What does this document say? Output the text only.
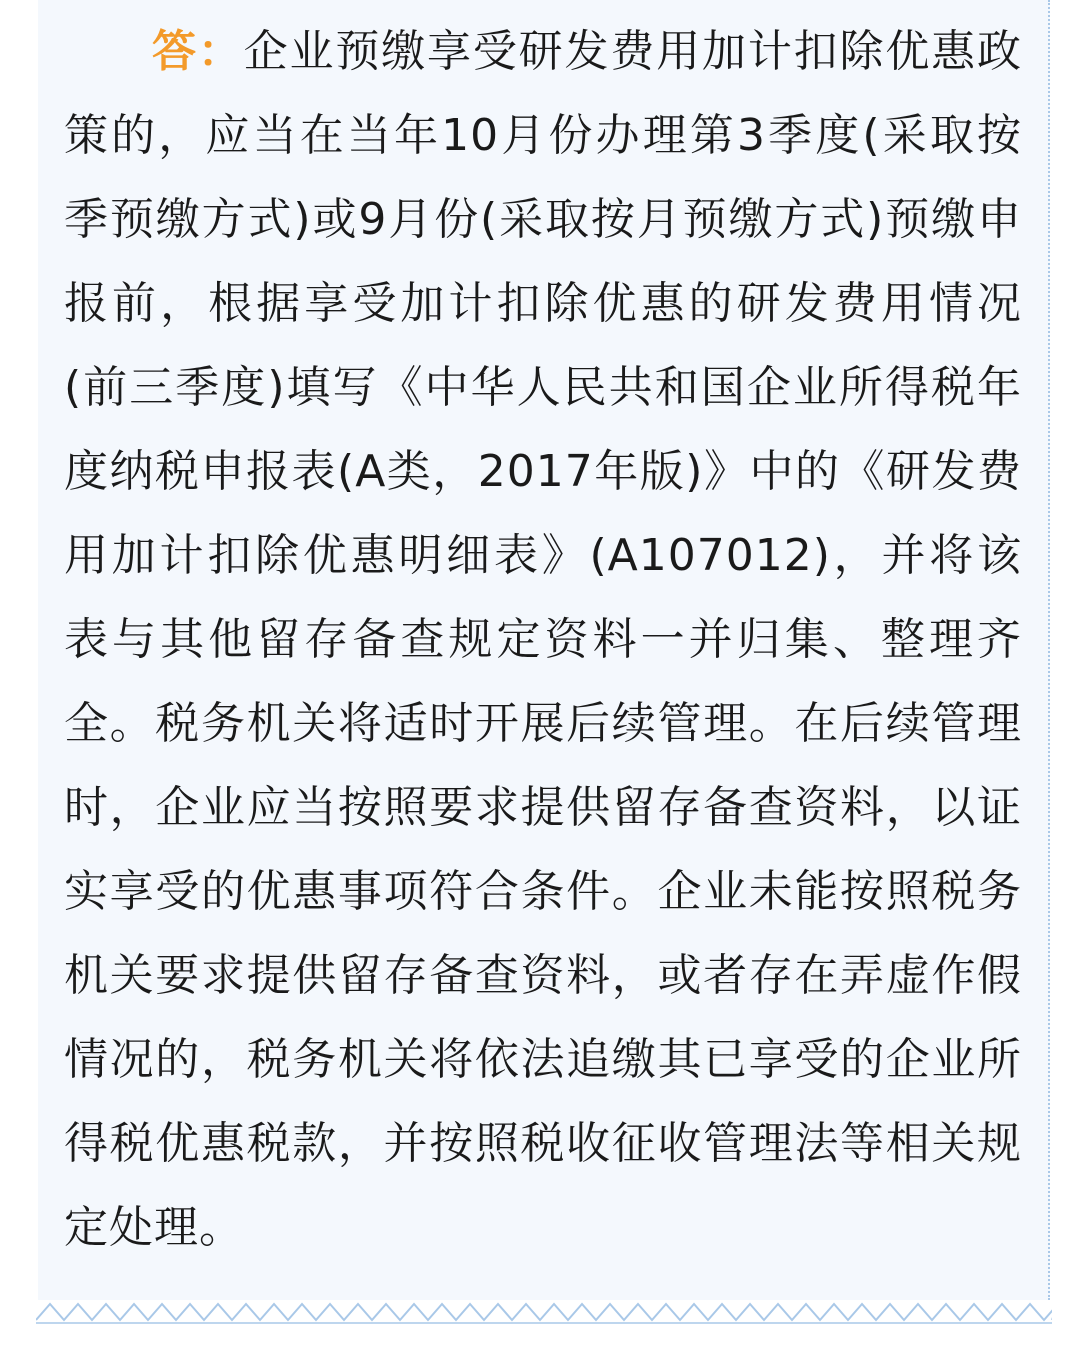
答：企业预缴享受研发费用加计扣除优惠政策的，应当在当年10月份办理第3季度(采取按季预缴方式)或9月份(采取按月预缴方式)预缴申报前，根据享受加计扣除优惠的研发费用情况(前三季度)填写《中华人民共和国企业所得税年度纳税申报表(A类，2017年版)》中的《研发费用加计扣除优惠明细表》(A107012)，并将该表与其他留存备查规定资料一并归集、整理齐全。税务机关将适时开展后续管理。在后续管理时，企业应当按照要求提供留存备查资料，以证实享受的优惠事项符合条件。企业未能按照税务机关要求提供留存备查资料，或者存在弄虚作假情况的，税务机关将依法追缴其已享受的企业所得税优惠税款，并按照税收征收管理法等相关规定处理。
